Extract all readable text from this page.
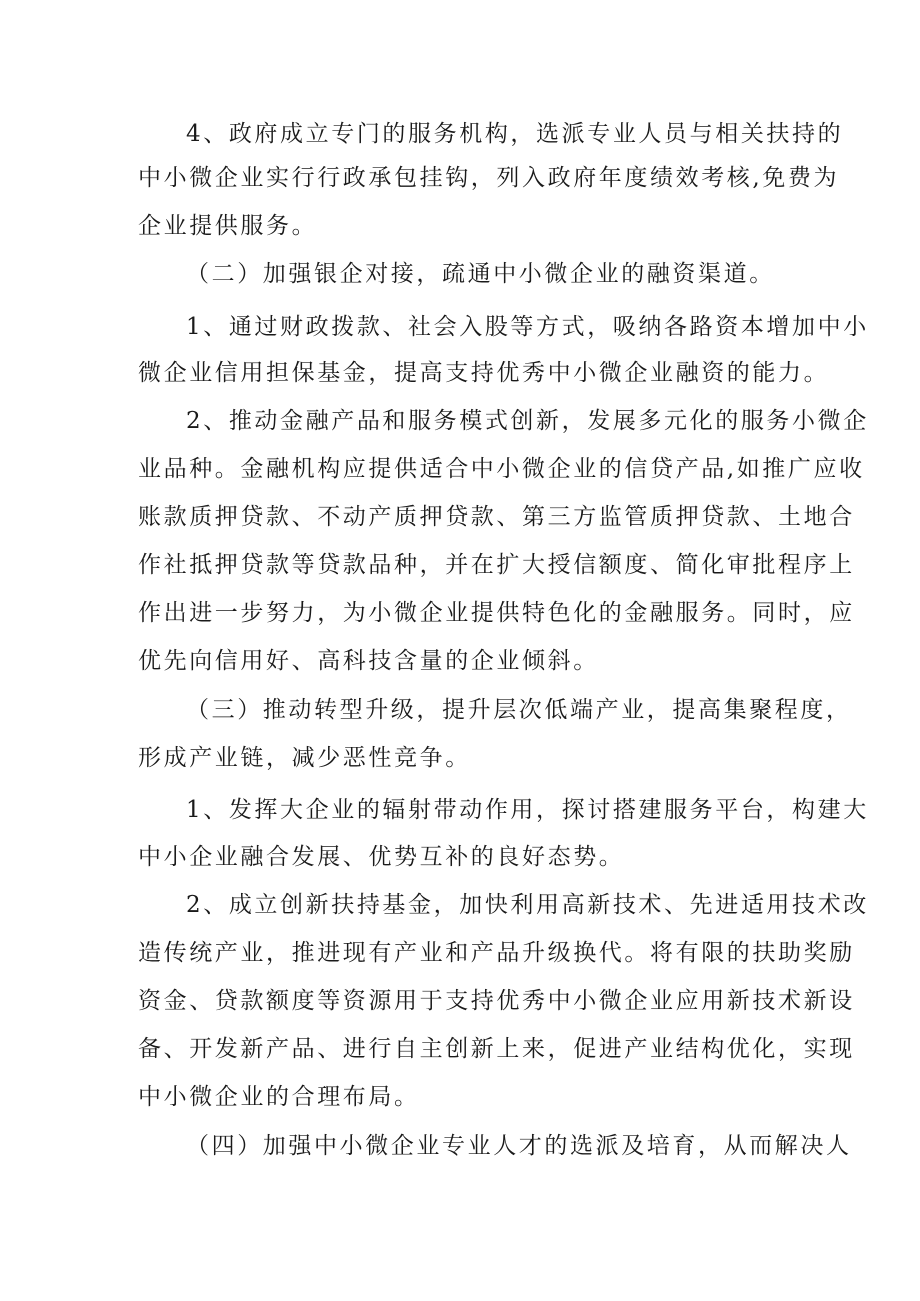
4、政府成立专门的服务机构，选派专业人员与相关扶持的
中小微企业实行行政承包挂钩，列入政府年度绩效考核,免费为
企业提供服务。
（二）加强银企对接，疏通中小微企业的融资渠道。
1、通过财政拨款、社会入股等方式，吸纳各路资本增加中小
微企业信用担保基金，提高支持优秀中小微企业融资的能力。
2、推动金融产品和服务模式创新，发展多元化的服务小微企
业品种。金融机构应提供适合中小微企业的信贷产品,如推广应收
账款质押贷款、不动产质押贷款、第三方监管质押贷款、土地合
作社抵押贷款等贷款品种，并在扩大授信额度、简化审批程序上
作出进一步努力，为小微企业提供特色化的金融服务。同时，应
优先向信用好、高科技含量的企业倾斜。
（三）推动转型升级，提升层次低端产业，提高集聚程度，
形成产业链，减少恶性竞争。
1、发挥大企业的辐射带动作用，探讨搭建服务平台，构建大
中小企业融合发展、优势互补的良好态势。
2、成立创新扶持基金，加快利用高新技术、先进适用技术改
造传统产业，推进现有产业和产品升级换代。将有限的扶助奖励
资金、贷款额度等资源用于支持优秀中小微企业应用新技术新设
备、开发新产品、进行自主创新上来，促进产业结构优化，实现
中小微企业的合理布局。
（四）加强中小微企业专业人才的选派及培育，从而解决人
